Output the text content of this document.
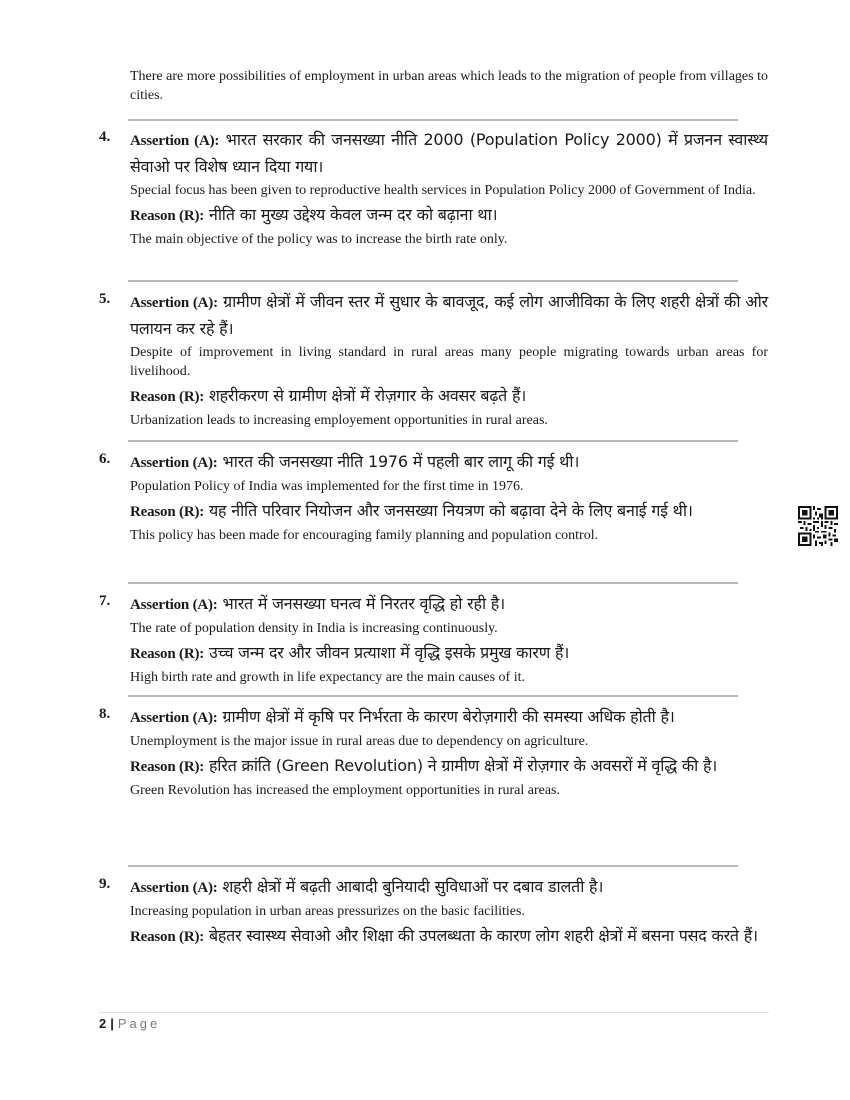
There are more possibilities of employment in urban areas which leads to the migration of people from villages to cities.
4. Assertion (A): भारत सरकार की जनसख्या नीति 2000 (Population Policy 2000) में प्रजनन स्वास्थ्य सेवाओ पर विशेष ध्यान दिया गया।
Special focus has been given to reproductive health services in Population Policy 2000 of Government of India.
Reason (R): नीति का मुख्य उद्देश्य केवल जन्म दर को बढ़ाना था।
The main objective of the policy was to increase the birth rate only.
5. Assertion (A): ग्रामीण क्षेत्रों में जीवन स्तर में सुधार के बावजूद, कई लोग आजीविका के लिए शहरी क्षेत्रों की ओर पलायन कर रहे हैं।
Despite of improvement in living standard in rural areas many people migrating towards urban areas for livelihood.
Reason (R): शहरीकरण से ग्रामीण क्षेत्रों में रोज़गार के अवसर बढ़ते हैं।
Urbanization leads to increasing employement opportunities in rural areas.
6. Assertion (A): भारत की जनसख्या नीति 1976 में पहली बार लागू की गई थी।
Population Policy of India was implemented for the first time in 1976.
Reason (R): यह नीति परिवार नियोजन और जनसख्या नियत्रण को बढ़ावा देने के लिए बनाई गई थी।
This policy has been made for encouraging family planning and population control.
7. Assertion (A): भारत में जनसख्या घनत्व में निरतर वृद्धि हो रही है।
The rate of population density in India is increasing continuously.
Reason (R): उच्च जन्म दर और जीवन प्रत्याशा में वृद्धि इसके प्रमुख कारण हैं।
High birth rate and growth in life expectancy are the main causes of it.
8. Assertion (A): ग्रामीण क्षेत्रों में कृषि पर निर्भरता के कारण बेरोज़गारी की समस्या अधिक होती है।
Unemployment is the major issue in rural areas due to dependency on agriculture.
Reason (R): हरित क्रांति (Green Revolution) ने ग्रामीण क्षेत्रों में रोज़गार के अवसरों में वृद्धि की है।
Green Revolution has increased the employment opportunities in rural areas.
9. Assertion (A): शहरी क्षेत्रों में बढ़ती आबादी बुनियादी सुविधाओं पर दबाव डालती है।
Increasing population in urban areas pressurizes on the basic facilities.
Reason (R): बेहतर स्वास्थ्य सेवाओ और शिक्षा की उपलब्धता के कारण लोग शहरी क्षेत्रों में बसना पसद करते हैं।
2 | Page
